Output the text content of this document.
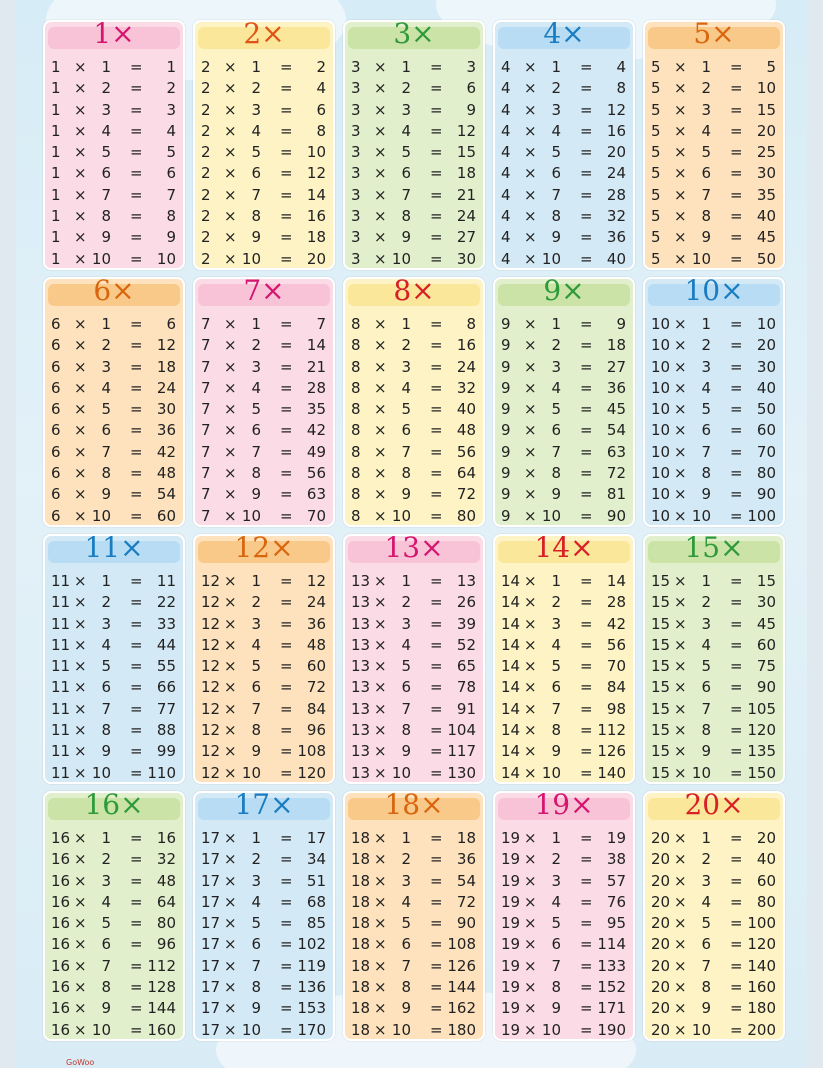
1×
1 × 1 = 1
1 × 2 = 2
1 × 3 = 3
1 × 4 = 4
1 × 5 = 5
1 × 6 = 6
1 × 7 = 7
1 × 8 = 8
1 × 9 = 9
1 × 10 = 10
2×
2 × 1 = 2
2 × 2 = 4
2 × 3 = 6
2 × 4 = 8
2 × 5 = 10
2 × 6 = 12
2 × 7 = 14
2 × 8 = 16
2 × 9 = 18
2 × 10 = 20
3×
3 × 1 = 3
3 × 2 = 6
3 × 3 = 9
3 × 4 = 12
3 × 5 = 15
3 × 6 = 18
3 × 7 = 21
3 × 8 = 24
3 × 9 = 27
3 × 10 = 30
4×
4 × 1 = 4
4 × 2 = 8
4 × 3 = 12
4 × 4 = 16
4 × 5 = 20
4 × 6 = 24
4 × 7 = 28
4 × 8 = 32
4 × 9 = 36
4 × 10 = 40
5×
5 × 1 = 5
5 × 2 = 10
5 × 3 = 15
5 × 4 = 20
5 × 5 = 25
5 × 6 = 30
5 × 7 = 35
5 × 8 = 40
5 × 9 = 45
5 × 10 = 50
6×
6 × 1 = 6
6 × 2 = 12
6 × 3 = 18
6 × 4 = 24
6 × 5 = 30
6 × 6 = 36
6 × 7 = 42
6 × 8 = 48
6 × 9 = 54
6 × 10 = 60
7×
7 × 1 = 7
7 × 2 = 14
7 × 3 = 21
7 × 4 = 28
7 × 5 = 35
7 × 6 = 42
7 × 7 = 49
7 × 8 = 56
7 × 9 = 63
7 × 10 = 70
8×
8 × 1 = 8
8 × 2 = 16
8 × 3 = 24
8 × 4 = 32
8 × 5 = 40
8 × 6 = 48
8 × 7 = 56
8 × 8 = 64
8 × 9 = 72
8 × 10 = 80
9×
9 × 1 = 9
9 × 2 = 18
9 × 3 = 27
9 × 4 = 36
9 × 5 = 45
9 × 6 = 54
9 × 7 = 63
9 × 8 = 72
9 × 9 = 81
9 × 10 = 90
10×
10 × 1 = 10
10 × 2 = 20
10 × 3 = 30
10 × 4 = 40
10 × 5 = 50
10 × 6 = 60
10 × 7 = 70
10 × 8 = 80
10 × 9 = 90
10 × 10 = 100
11×
11 × 1 = 11
11 × 2 = 22
11 × 3 = 33
11 × 4 = 44
11 × 5 = 55
11 × 6 = 66
11 × 7 = 77
11 × 8 = 88
11 × 9 = 99
11 × 10 = 110
12×
12 × 1 = 12
12 × 2 = 24
12 × 3 = 36
12 × 4 = 48
12 × 5 = 60
12 × 6 = 72
12 × 7 = 84
12 × 8 = 96
12 × 9 = 108
12 × 10 = 120
13×
13 × 1 = 13
13 × 2 = 26
13 × 3 = 39
13 × 4 = 52
13 × 5 = 65
13 × 6 = 78
13 × 7 = 91
13 × 8 = 104
13 × 9 = 117
13 × 10 = 130
14×
14 × 1 = 14
14 × 2 = 28
14 × 3 = 42
14 × 4 = 56
14 × 5 = 70
14 × 6 = 84
14 × 7 = 98
14 × 8 = 112
14 × 9 = 126
14 × 10 = 140
15×
15 × 1 = 15
15 × 2 = 30
15 × 3 = 45
15 × 4 = 60
15 × 5 = 75
15 × 6 = 90
15 × 7 = 105
15 × 8 = 120
15 × 9 = 135
15 × 10 = 150
16×
16 × 1 = 16
16 × 2 = 32
16 × 3 = 48
16 × 4 = 64
16 × 5 = 80
16 × 6 = 96
16 × 7 = 112
16 × 8 = 128
16 × 9 = 144
16 × 10 = 160
17×
17 × 1 = 17
17 × 2 = 34
17 × 3 = 51
17 × 4 = 68
17 × 5 = 85
17 × 6 = 102
17 × 7 = 119
17 × 8 = 136
17 × 9 = 153
17 × 10 = 170
18×
18 × 1 = 18
18 × 2 = 36
18 × 3 = 54
18 × 4 = 72
18 × 5 = 90
18 × 6 = 108
18 × 7 = 126
18 × 8 = 144
18 × 9 = 162
18 × 10 = 180
19×
19 × 1 = 19
19 × 2 = 38
19 × 3 = 57
19 × 4 = 76
19 × 5 = 95
19 × 6 = 114
19 × 7 = 133
19 × 8 = 152
19 × 9 = 171
19 × 10 = 190
20×
20 × 1 = 20
20 × 2 = 40
20 × 3 = 60
20 × 4 = 80
20 × 5 = 100
20 × 6 = 120
20 × 7 = 140
20 × 8 = 160
20 × 9 = 180
20 × 10 = 200
GoWoo
